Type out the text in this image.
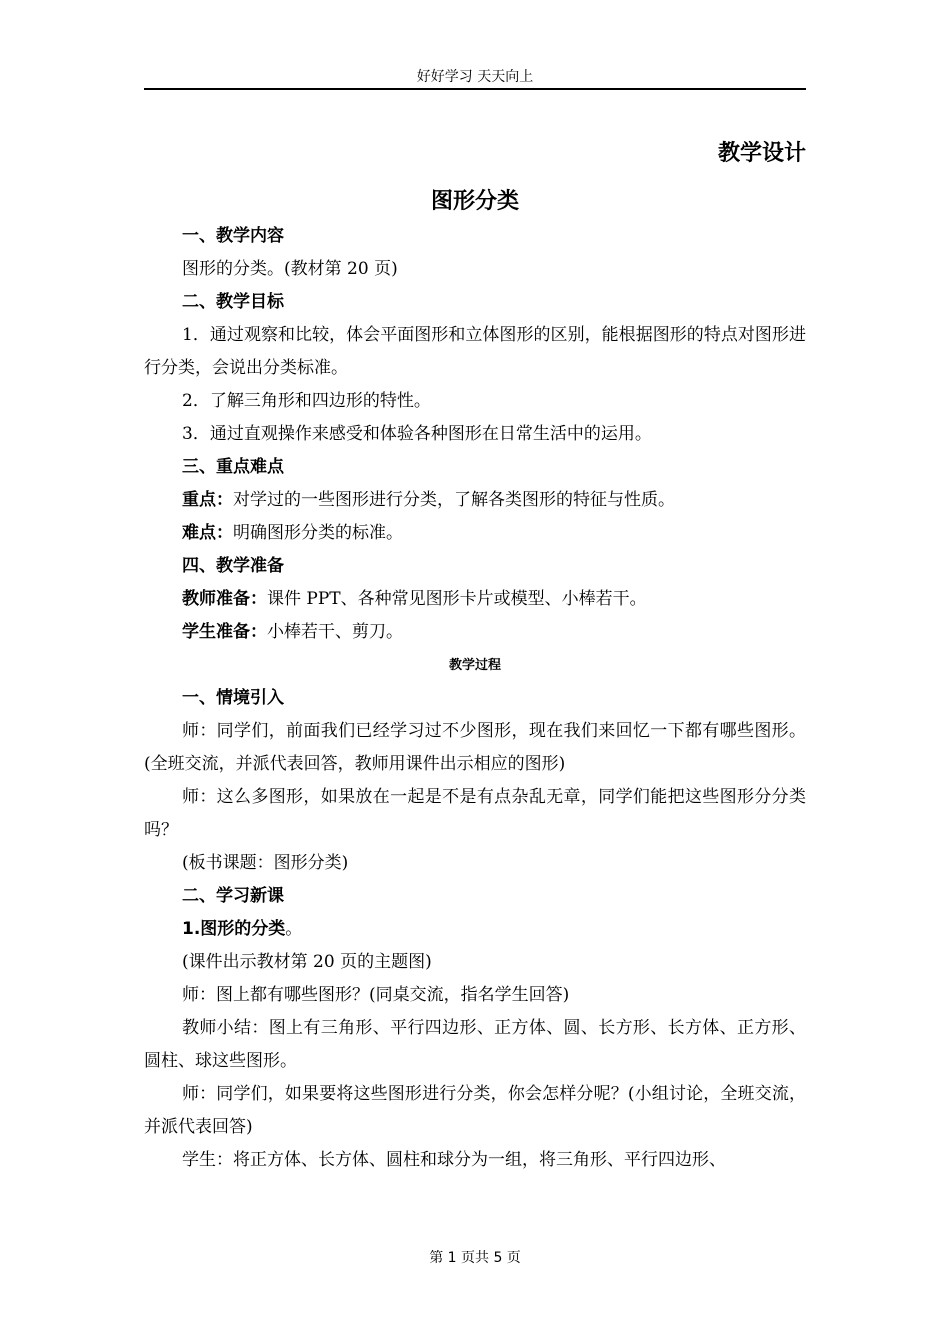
好好学习 天天向上
教学设计
图形分类

一、教学内容

图形的分类。(教材第 20 页)

二、教学目标

1．通过观察和比较，体会平面图形和立体图形的区别，能根据图形的特点对图形进行分类，会说出分类标准。

2．了解三角形和四边形的特性。

3．通过直观操作来感受和体验各种图形在日常生活中的运用。

三、重点难点

重点：对学过的一些图形进行分类，了解各类图形的特征与性质。

难点：明确图形分类的标准。

四、教学准备

教师准备：课件 PPT、各种常见图形卡片或模型、小棒若干。

学生准备：小棒若干、剪刀。

教学过程

一、情境引入

师：同学们，前面我们已经学习过不少图形，现在我们来回忆一下都有哪些图形。(全班交流，并派代表回答，教师用课件出示相应的图形)

师：这么多图形，如果放在一起是不是有点杂乱无章，同学们能把这些图形分分类吗？

(板书课题：图形分类)

二、学习新课

1.图形的分类。

(课件出示教材第 20 页的主题图)

师：图上都有哪些图形？(同桌交流，指名学生回答)

教师小结：图上有三角形、平行四边形、正方体、圆、长方形、长方体、正方形、圆柱、球这些图形。

师：同学们，如果要将这些图形进行分类，你会怎样分呢？(小组讨论，全班交流，并派代表回答)

学生：将正方体、长方体、圆柱和球分为一组，将三角形、平行四边形、

第 1 页共 5 页
